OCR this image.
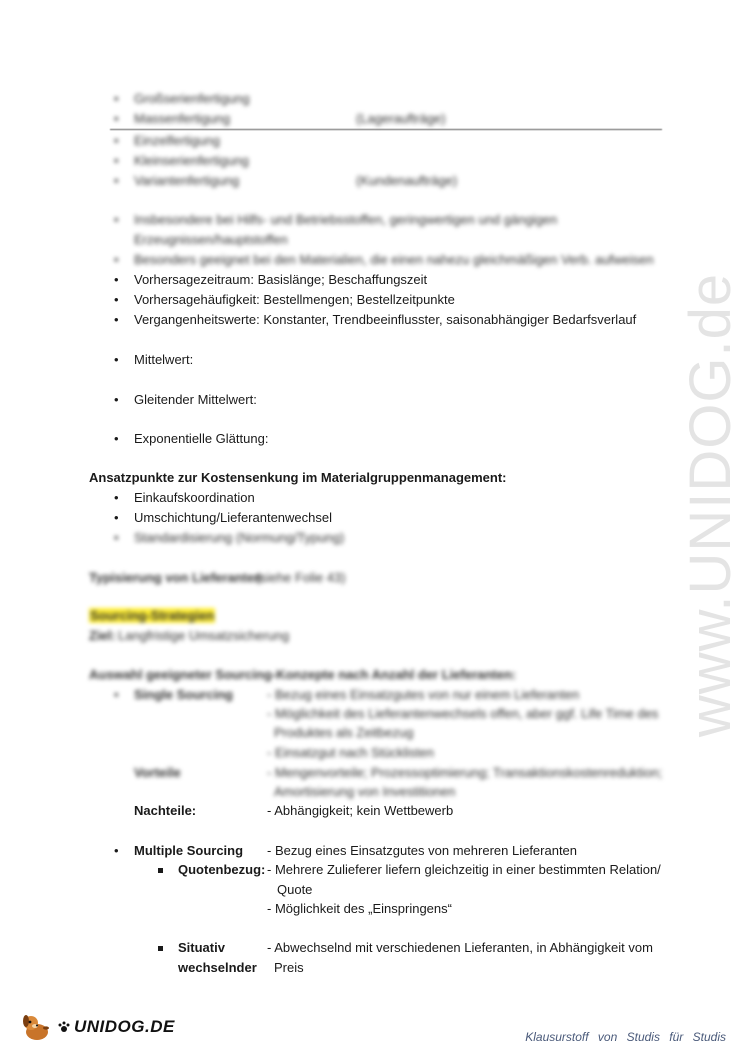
www.UNIDOG.de
• Großserienfertigung
• Massenfertigung	(Lageraufträge)
• Einzelfertigung
• Kleinserienfertigung
• Variantenfertigung	(Kundenaufträge)
• Insbesondere bei Hilfs- und Betriebsstoffen, geringwertigen und gängigen
Erzeugnissen/hauptstoffen
• Besonders geeignet bei den Materialien, die einen nahezu gleichmäßigen Verb. aufweisen
• Vorhersagezeitraum: Basislänge; Beschaffungszeit
• Vorhersagehäufigkeit: Bestellmengen; Bestellzeitpunkte
• Vergangenheitswerte: Konstanter, Trendbeeinflusster, saisonabhängiger Bedarfsverlauf
• Mittelwert:
• Gleitender Mittelwert:
• Exponentielle Glättung:
Ansatzpunkte zur Kostensenkung im Materialgruppenmanagement:
• Einkaufskoordination
• Umschichtung/Lieferantenwechsel
• Standardisierung (Normung/Typung)
Typisierung von Lieferanten
(siehe Folie 43)
Sourcing-Strategien
Ziel: Langfristige Umsatzsicherung
Auswahl geeigneter Sourcing-Konzepte nach Anzahl der Lieferanten:
• Single Sourcing	- Bezug eines Einsatzgutes von nur einem Lieferanten
- Möglichkeit des Lieferantenwechsels offen, aber ggf. Life Time des
Produktes als Zeitbezug
- Einsatzgut nach Stücklisten
Vorteile	- Mengenvorteile; Prozessoptimierung; Transaktionskostenreduktion;
Amortisierung von Investitionen
Nachteile:	- Abhängigkeit; kein Wettbewerb
• Multiple Sourcing - Bezug eines Einsatzgutes von mehreren Lieferanten
Quotenbezug: - Mehrere Zulieferer liefern gleichzeitig in einer bestimmten Relation/
Quote
- Möglichkeit des „Einspringens“
Situativ
wechselnder
- Abwechselnd mit verschiedenen Lieferanten, in Abhängigkeit vom
Preis
UNIDOG.DE
Klausurstoff von Studis für Studis
